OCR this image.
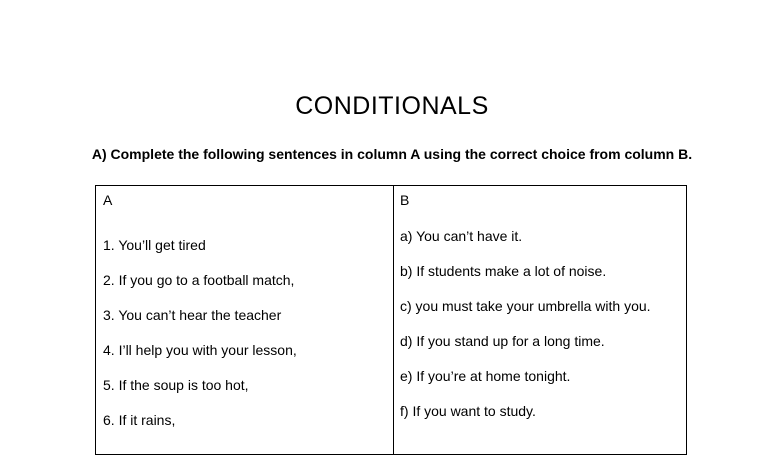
CONDITIONALS
A) Complete the following sentences in column A using the correct choice from column B.
A
1. You’ll get tired
2. If you go to a football match,
3. You can’t hear the teacher
4. I’ll help you with your lesson,
5. If the soup is too hot,
6. If it rains,
B
a) You can’t have it.
b) If students make a lot of noise.
c) you must take your umbrella with you.
d) If you stand up for a long time.
e) If you’re at home tonight.
f) If you want to study.
